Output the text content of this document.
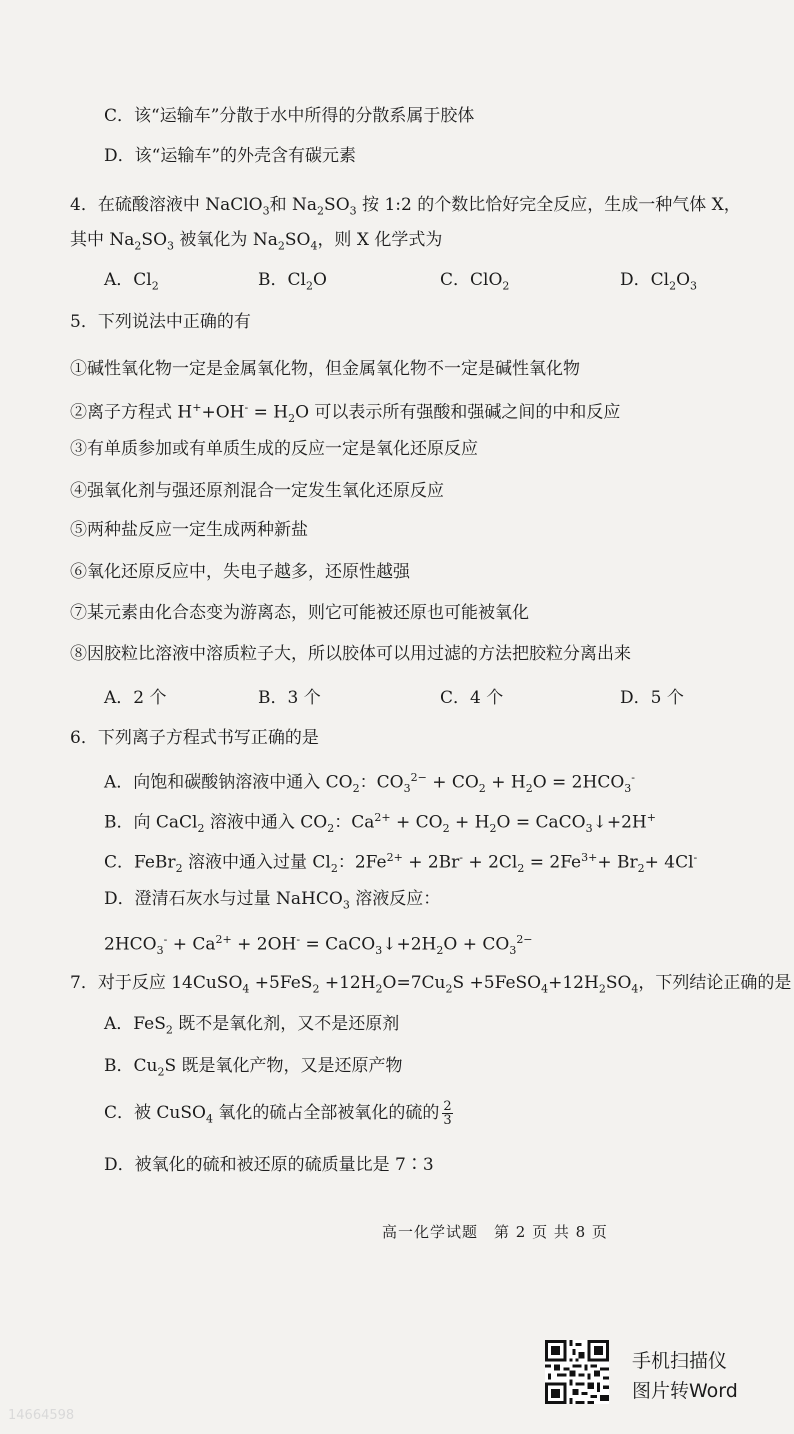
C．该“运输车”分散于水中所得的分散系属于胶体
D．该“运输车”的外壳含有碳元素
4．在硫酸溶液中 NaClO$_3$和 $Na_2SO_3$ 按 1:2 的个数比恰好完全反应，生成一种气体 X，
其中 $Na_2SO_3$ 被氧化为 $Na_2SO_4$，则 X 化学式为
A．$Cl_2$	B．$Cl_2O$	C．ClO$_2$	D．$Cl_2O_3$
5．下列说法中正确的有
①碱性氧化物一定是金属氧化物，但金属氧化物不一定是碱性氧化物
②离子方程式 $H^++OH^- = H_2O$ 可以表示所有强酸和强碱之间的中和反应
③有单质参加或有单质生成的反应一定是氧化还原反应
④强氧化剂与强还原剂混合一定发生氧化还原反应
⑤两种盐反应一定生成两种新盐
⑥氧化还原反应中，失电子越多，还原性越强
⑦某元素由化合态变为游离态，则它可能被还原也可能被氧化
⑧因胶粒比溶液中溶质粒子大，所以胶体可以用过滤的方法把胶粒分离出来
A．2 个	B．3 个	C．4 个	D．5 个
6．下列离子方程式书写正确的是
A．向饱和碳酸钠溶液中通入 $CO_2$：$CO_3^{2-} + CO_2 + H_2O = 2HCO_3^-$
B．向 CaCl$_2$ 溶液中通入 $CO_2$：$Ca^{2+} + CO_2 + H_2O$ = CaCO$_3$↓+2H+
C．FeBr$_2$ 溶液中通入过量 $Cl_2$：$2Fe^{2+} + 2Br^- + 2Cl_2 = 2Fe^{3+}+ Br_2+ 4Cl^-$
D．澄清石灰水与过量 NaHCO$_3$ 溶液反应：
$2HCO_3^- + Ca^{2+} + 2OH^-$ = $CaCO_3↓+2H_2O + CO_3^{2-}$
7．对于反应 14CuSO$_4$ $+5FeS_2 +12H_2O=7Cu_2S$ $+5FeSO_4+12H_2SO_4$，下列结论正确的是
A．FeS$_2$ 既不是氧化剂，又不是还原剂
B．$Cu_2S$ 既是氧化产物，又是还原产物
C．被 CuSO$_4$ 氧化的硫占全部被氧化的硫的 $\frac{2}{3}$
D．被氧化的硫和被还原的硫质量比是 7∶3
高一化学试题　第 2 页 共 8 页
手机扫描仪
图片转Word
14664598
